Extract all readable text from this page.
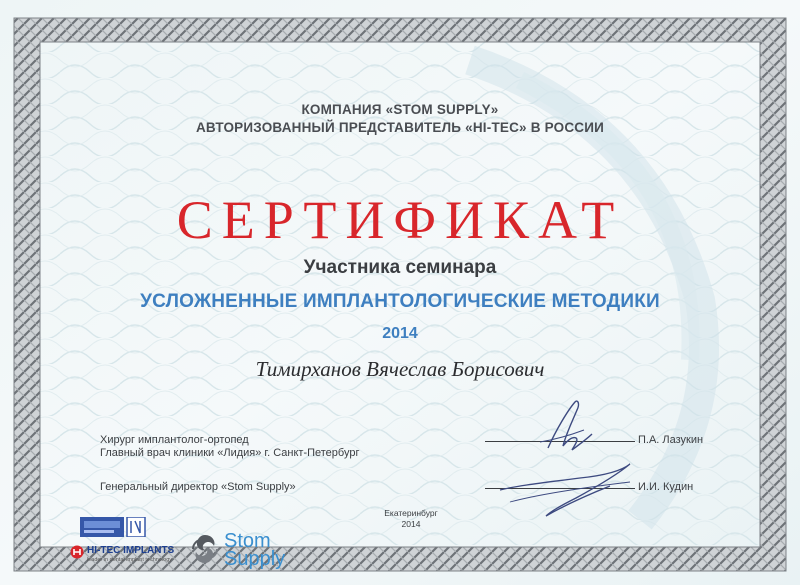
КОМПАНИЯ «STOM SUPPLY»
АВТОРИЗОВАННЫЙ ПРЕДСТАВИТЕЛЬ «HI-TEC» В РОССИИ
СЕРТИФИКАТ
Участника семинара
УСЛОЖНЕННЫЕ ИМПЛАНТОЛОГИЧЕСКИЕ МЕТОДИКИ
2014
Тимирханов Вячеслав Борисович
Хирург имплантолог-ортопед
Главный врач клиники «Лидия» г. Санкт-Петербург
П.А. Лазукин
Генеральный директор «Stom Supply»	И.И. Кудин
Екатеринбург
2014
HI-TEC IMPLANTS
leader in dental implant technology
Stom
Supply
